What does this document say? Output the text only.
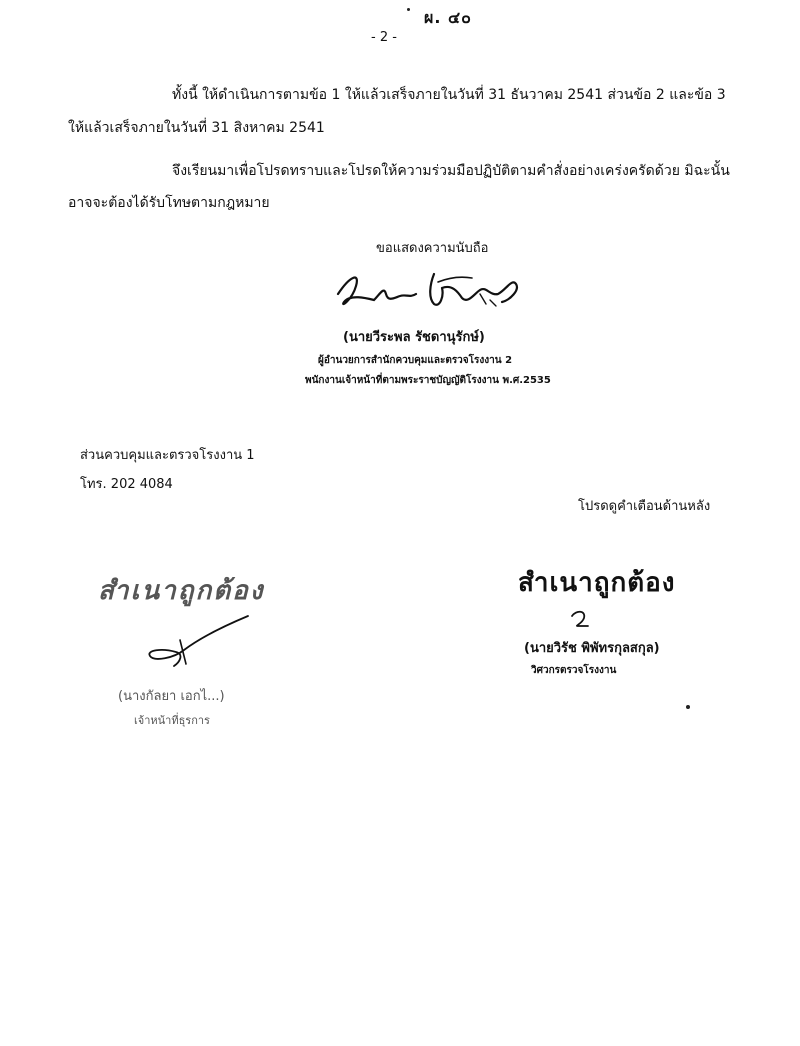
ผ. ๔๐
- 2 -
ทั้งนี้ ให้ดำเนินการตามข้อ 1 ให้แล้วเสร็จภายในวันที่ 31 ธันวาคม 2541 ส่วนข้อ 2 และข้อ 3
ให้แล้วเสร็จภายในวันที่ 31 สิงหาคม 2541
จึงเรียนมาเพื่อโปรดทราบและโปรดให้ความร่วมมือปฏิบัติตามคำสั่งอย่างเคร่งครัดด้วย มิฉะนั้น
อาจจะต้องได้รับโทษตามกฎหมาย
ขอแสดงความนับถือ
(นายวีระพล รัชดานุรักษ์)
ผู้อำนวยการสำนักควบคุมและตรวจโรงงาน 2
พนักงานเจ้าหน้าที่ตามพระราชบัญญัติโรงงาน พ.ศ.2535
ส่วนควบคุมและตรวจโรงงาน 1
โทร. 202 4084
โปรดดูคำเตือนด้านหลัง
สำเนาถูกต้อง
(นายวิรัช พิพัทรกุลสกุล)
วิศวกรตรวจโรงงาน
สำเนาถูกต้อง
(นางกัลยา เอกไ...)
เจ้าหน้าที่ธุรการ
